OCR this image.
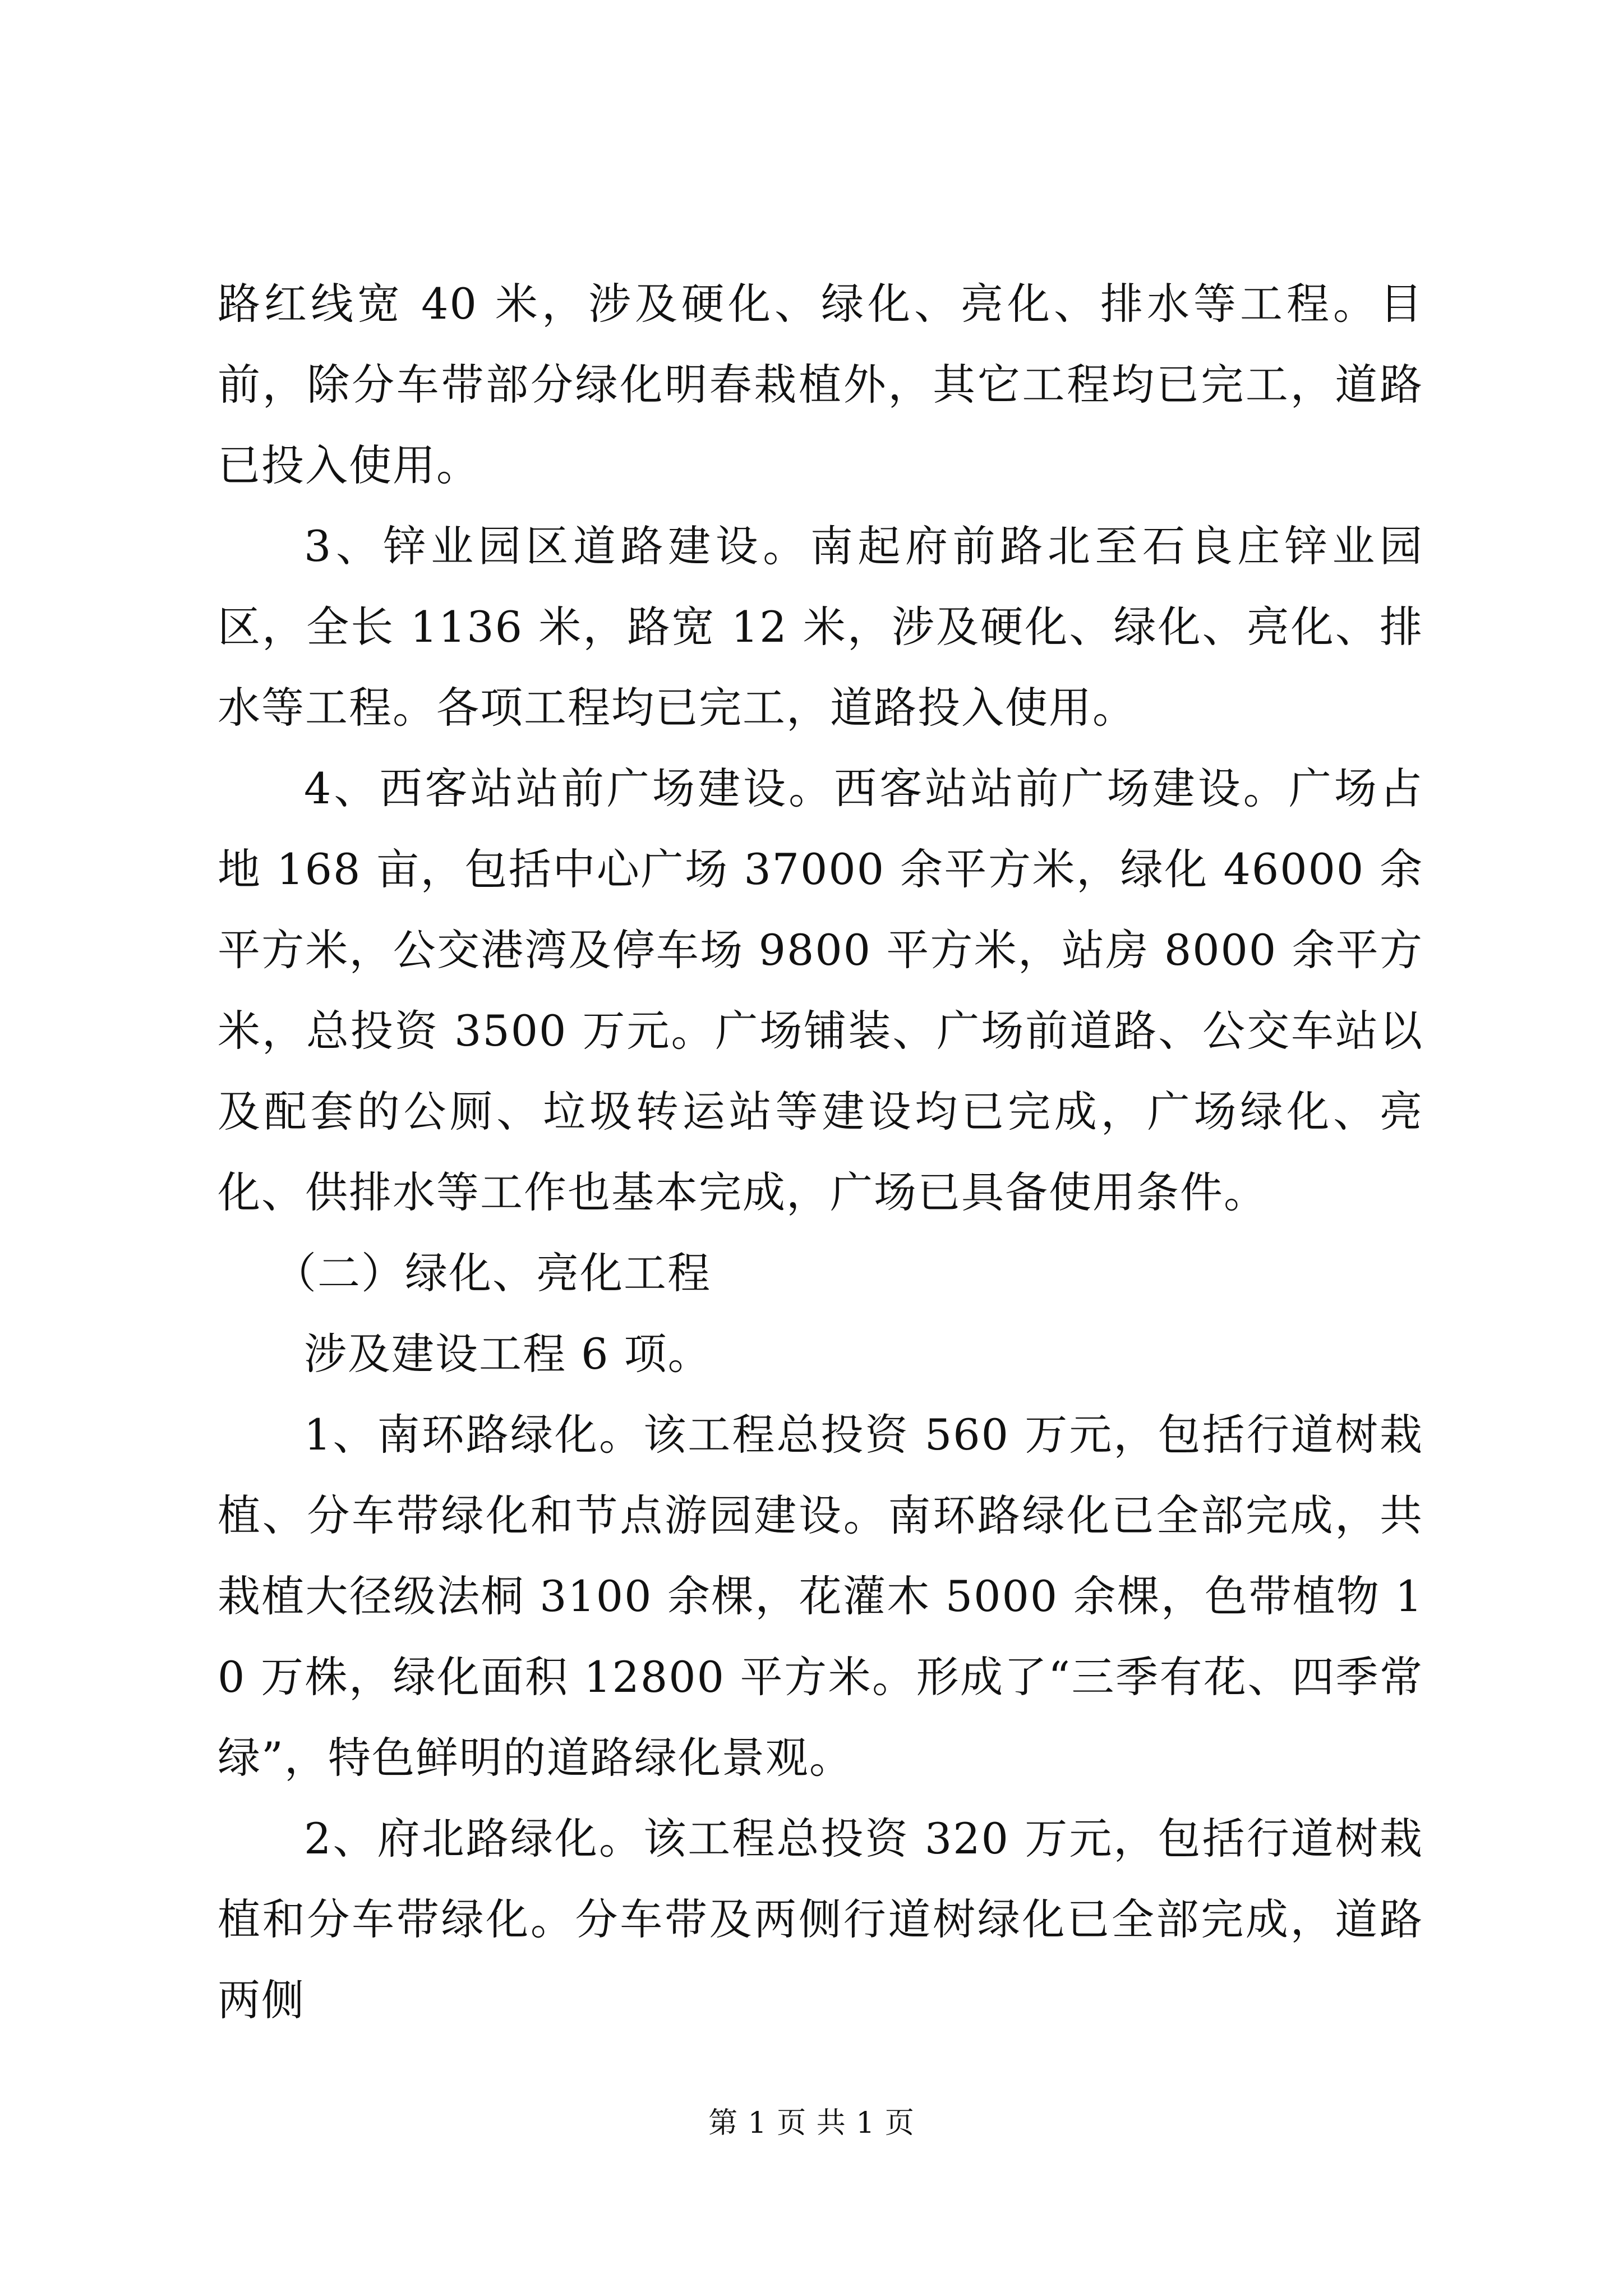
路红线宽 40 米，涉及硬化、绿化、亮化、排水等工程。目前，除分车带部分绿化明春栽植外，其它工程均已完工，道路已投入使用。

3、锌业园区道路建设。南起府前路北至石良庄锌业园区，全长 1136 米，路宽 12 米，涉及硬化、绿化、亮化、排水等工程。各项工程均已完工，道路投入使用。

4、西客站站前广场建设。西客站站前广场建设。广场占地 168 亩，包括中心广场 37000 余平方米，绿化 46000 余平方米，公交港湾及停车场 9800 平方米，站房 8000 余平方米，总投资 3500 万元。广场铺装、广场前道路、公交车站以及配套的公厕、垃圾转运站等建设均已完成，广场绿化、亮化、供排水等工作也基本完成，广场已具备使用条件。

（二）绿化、亮化工程

涉及建设工程 6 项。

1、南环路绿化。该工程总投资 560 万元，包括行道树栽植、分车带绿化和节点游园建设。南环路绿化已全部完成，共栽植大径级法桐 3100 余棵，花灌木 5000 余棵，色带植物 10 万株，绿化面积 12800 平方米。形成了“三季有花、四季常绿”，特色鲜明的道路绿化景观。

2、府北路绿化。该工程总投资 320 万元，包括行道树栽植和分车带绿化。分车带及两侧行道树绿化已全部完成，道路两侧

第 1 页 共 1 页
